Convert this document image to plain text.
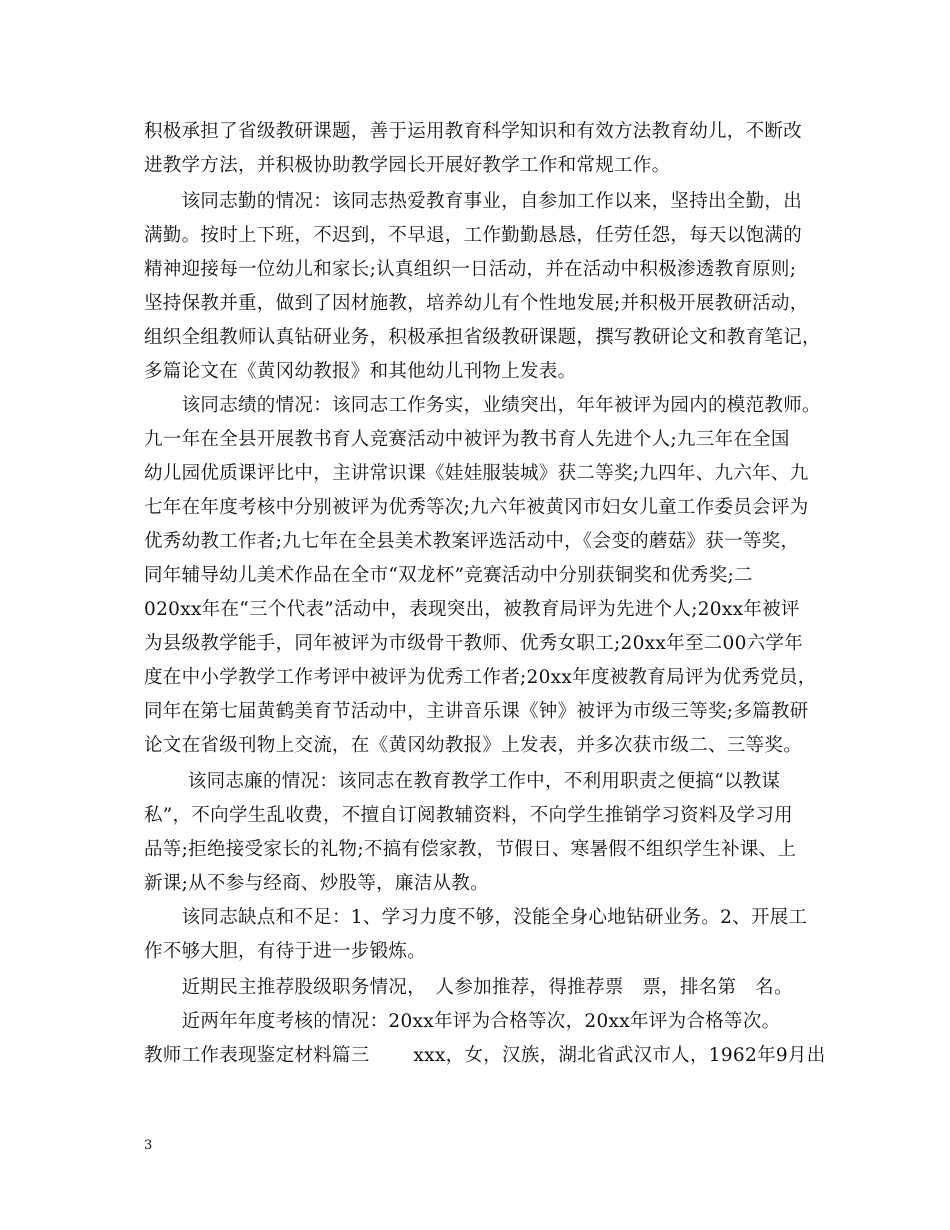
积极承担了省级教研课题，善于运用教育科学知识和有效方法教育幼儿，不断改
进教学方法，并积极协助教学园长开展好教学工作和常规工作。
　　该同志勤的情况：该同志热爱教育事业，自参加工作以来，坚持出全勤，出
满勤。按时上下班，不迟到，不早退，工作勤勤恳恳，任劳任怨，每天以饱满的
精神迎接每一位幼儿和家长;认真组织一日活动，并在活动中积极渗透教育原则;
坚持保教并重，做到了因材施教，培养幼儿有个性地发展;并积极开展教研活动，
组织全组教师认真钻研业务，积极承担省级教研课题，撰写教研论文和教育笔记，
多篇论文在《黄冈幼教报》和其他幼儿刊物上发表。
　　该同志绩的情况：该同志工作务实，业绩突出，年年被评为园内的模范教师。
九一年在全县开展教书育人竞赛活动中被评为教书育人先进个人;九三年在全国
幼儿园优质课评比中，主讲常识课《娃娃服装城》获二等奖;九四年、九六年、九
七年在年度考核中分别被评为优秀等次;九六年被黄冈市妇女儿童工作委员会评为
优秀幼教工作者;九七年在全县美术教案评选活动中，《会变的蘑菇》获一等奖，
同年辅导幼儿美术作品在全市“双龙杯”竞赛活动中分别获铜奖和优秀奖;二
020xx年在“三个代表”活动中，表现突出，被教育局评为先进个人;20xx年被评
为县级教学能手，同年被评为市级骨干教师、优秀女职工;20xx年至二00六学年
度在中小学教学工作考评中被评为优秀工作者;20xx年度被教育局评为优秀党员，
同年在第七届黄鹤美育节活动中，主讲音乐课《钟》被评为市级三等奖;多篇教研
论文在省级刊物上交流，在《黄冈幼教报》上发表，并多次获市级二、三等奖。
　　 该同志廉的情况：该同志在教育教学工作中，不利用职责之便搞“以教谋
私”，不向学生乱收费，不擅自订阅教辅资料，不向学生推销学习资料及学习用
品等;拒绝接受家长的礼物;不搞有偿家教，节假日、寒暑假不组织学生补课、上
新课;从不参与经商、炒股等，廉洁从教。
　　该同志缺点和不足：1、学习力度不够，没能全身心地钻研业务。2、开展工
作不够大胆，有待于进一步锻炼。
　　近期民主推荐股级职务情况，　人参加推荐，得推荐票　票，排名第　名。
　　近两年年度考核的情况：20xx年评为合格等次，20xx年评为合格等次。
教师工作表现鉴定材料篇三　　 xxx，女，汉族，湖北省武汉市人，1962年9月出
3
